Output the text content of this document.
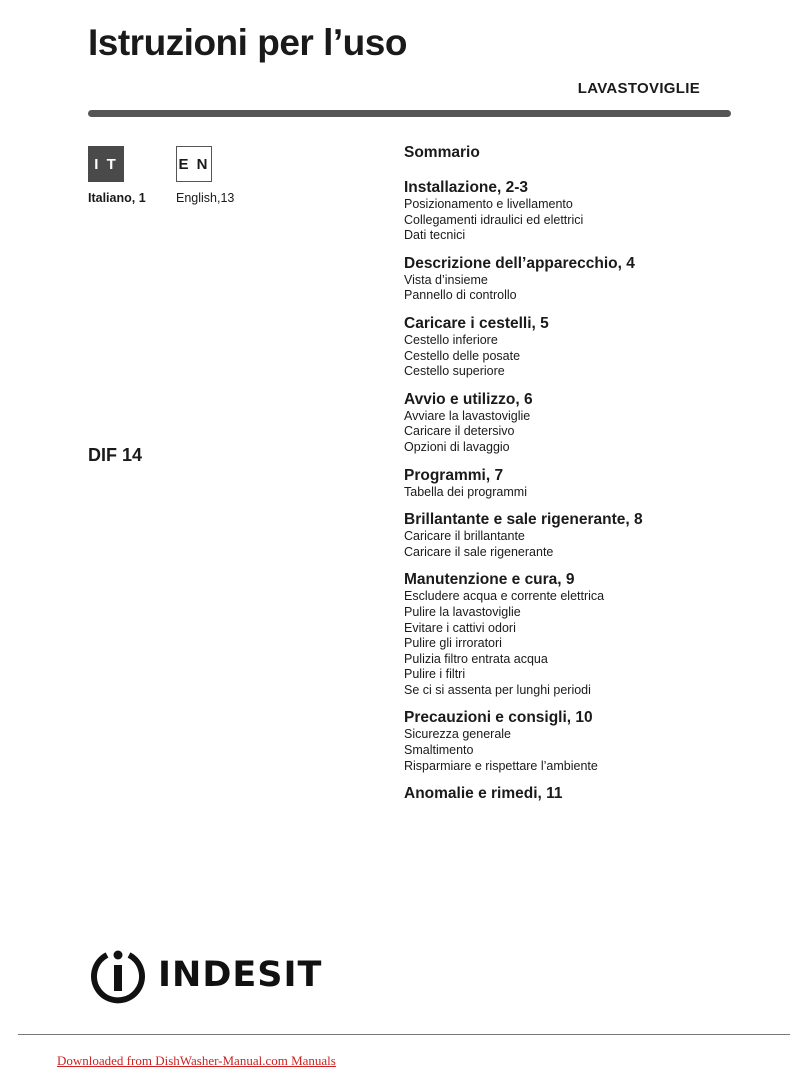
Istruzioni per l’uso
LAVASTOVIGLIE
I T	E N
Italiano, 1 English,13
DIF 14
Sommario
Installazione, 2-3
Posizionamento e livellamento
Collegamenti idraulici ed elettrici
Dati tecnici
Descrizione dell’apparecchio, 4
Vista d’insieme
Pannello di controllo
Caricare i cestelli, 5
Cestello inferiore
Cestello delle posate
Cestello superiore
Avvio e utilizzo, 6
Avviare la lavastoviglie
Caricare il detersivo
Opzioni di lavaggio
Programmi, 7
Tabella dei programmi
Brillantante e sale rigenerante, 8
Caricare il brillantante
Caricare il sale rigenerante
Manutenzione e cura, 9
Escludere acqua e corrente elettrica
Pulire la lavastoviglie
Evitare i cattivi odori
Pulire gli irroratori
Pulizia filtro entrata acqua
Pulire i filtri
Se ci si assenta per lunghi periodi
Precauzioni e consigli, 10
Sicurezza generale
Smaltimento
Risparmiare e rispettare l’ambiente
Anomalie e rimedi, 11
INDESIT
Downloaded from DishWasher-Manual.com Manuals
